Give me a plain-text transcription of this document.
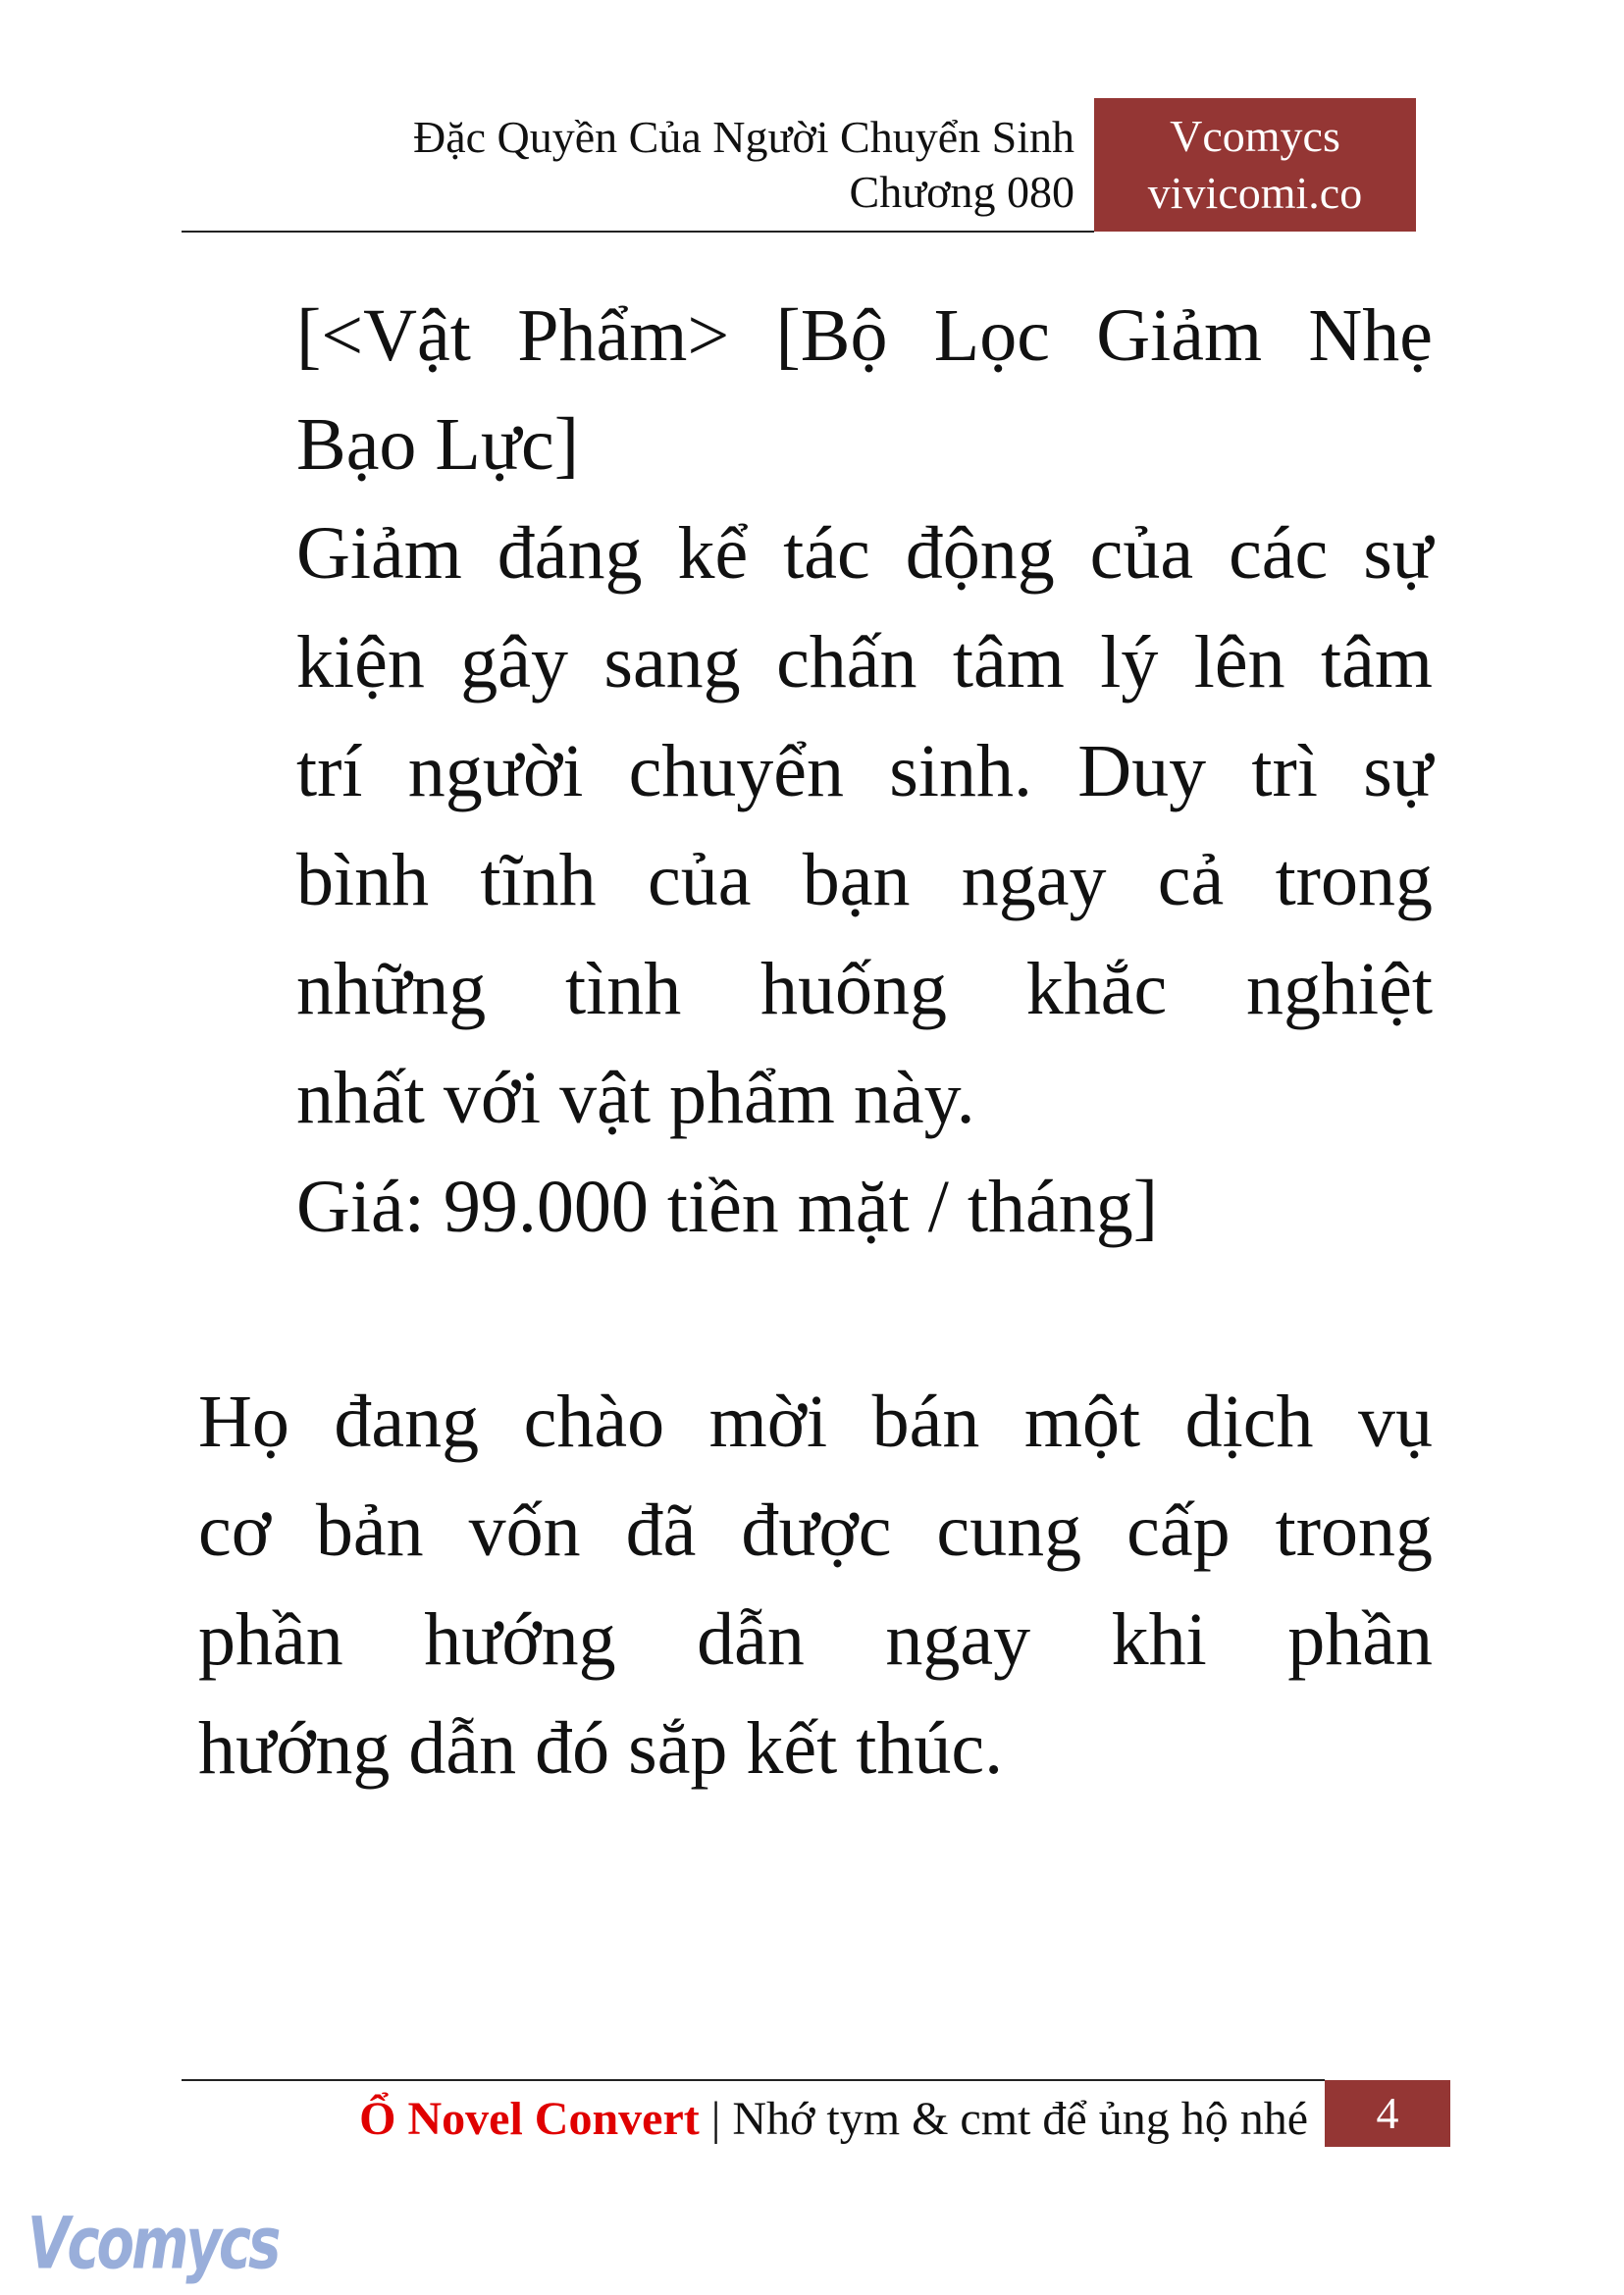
Đặc Quyền Của Người Chuyển Sinh
Chương 080
Vcomycs
vivicomi.co
[<Vật Phẩm> [Bộ Lọc Giảm Nhẹ
Bạo Lực]
Giảm đáng kể tác động của các sự
kiện gây sang chấn tâm lý lên tâm
trí người chuyển sinh. Duy trì sự
bình tĩnh của bạn ngay cả trong
những tình huống khắc nghiệt
nhất với vật phẩm này.
Giá: 99.000 tiền mặt / tháng]
Họ đang chào mời bán một dịch vụ
cơ bản vốn đã được cung cấp trong
phần hướng dẫn ngay khi phần
hướng dẫn đó sắp kết thúc.
Ổ Novel Convert | Nhớ tym & cmt để ủng hộ nhé	4
Vcomycs
